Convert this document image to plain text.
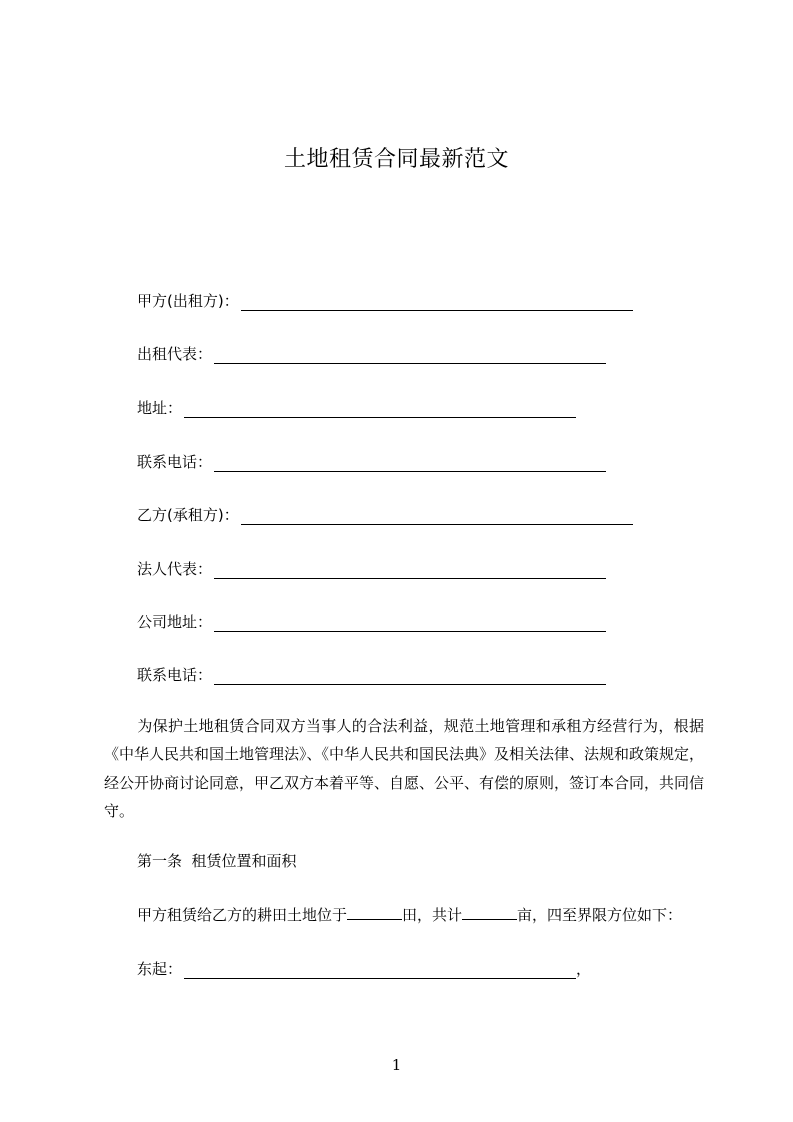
土地租赁合同最新范文
甲方(出租方)：
出租代表：
地址：
联系电话：
乙方(承租方)：
法人代表：
公司地址：
联系电话：
为保护土地租赁合同双方当事人的合法利益，规范土地管理和承租方经营行为，根据《中华人民共和国土地管理法》、《中华人民共和国民法典》及相关法律、法规和政策规定，经公开协商讨论同意，甲乙双方本着平等、自愿、公平、有偿的原则，签订本合同，共同信守。
第一条  租赁位置和面积
甲方租赁给乙方的耕田土地位于	田，共计	亩，四至界限方位如下：
东起：	，
1
